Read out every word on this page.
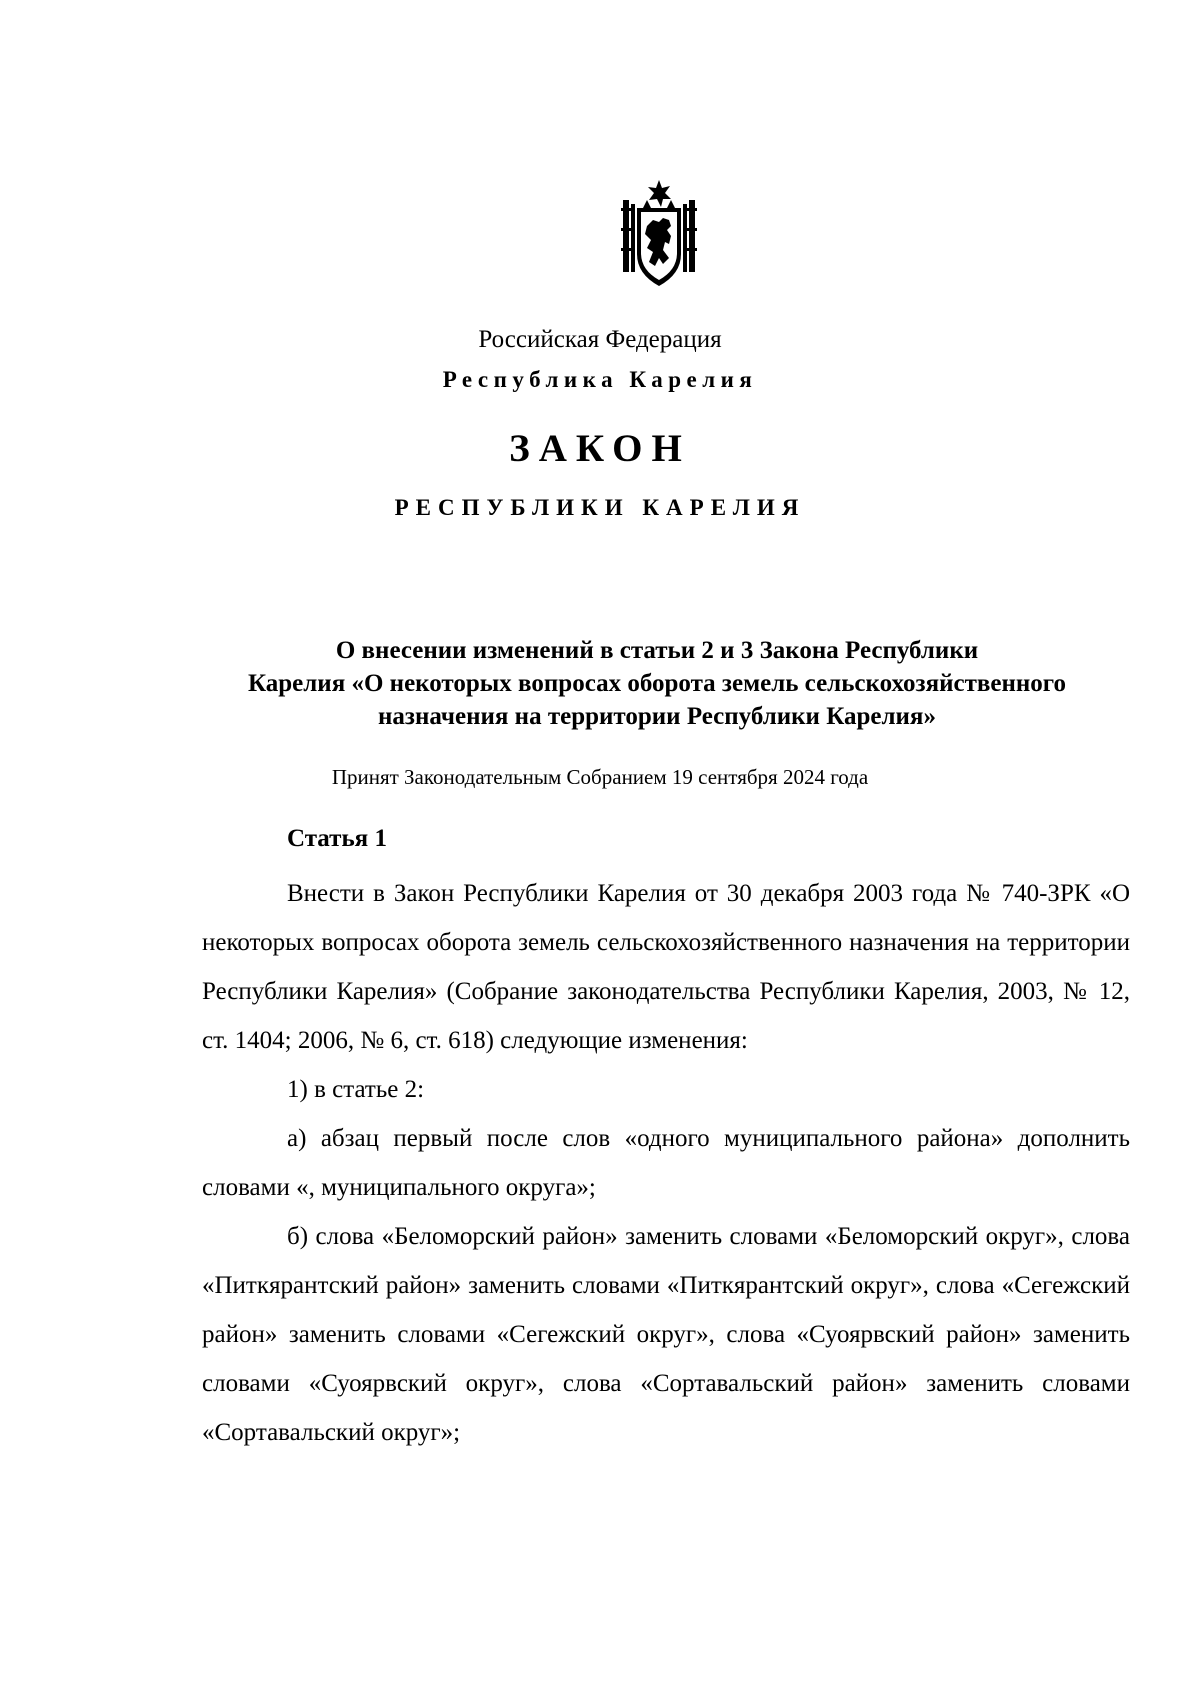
Российская Федерация
Республика Карелия
ЗАКОН
РЕСПУБЛИКИ КАРЕЛИЯ
О внесении изменений в статьи 2 и 3 Закона Республики
Карелия «О некоторых вопросах оборота земель сельскохозяйственного
назначения на территории Республики Карелия»
Принят Законодательным Собранием 19 сентября 2024 года
Статья 1

Внести в Закон Республики Карелия от 30 декабря 2003 года № 740-ЗРК «О некоторых вопросах оборота земель сельскохозяйственного назначения на территории Республики Карелия» (Собрание законодательства Республики Карелия, 2003, № 12, ст. 1404; 2006, № 6, ст. 618) следующие изменения:

1) в статье 2:

а) абзац первый после слов «одного муниципального района» дополнить словами «, муниципального округа»;

б) слова «Беломорский район» заменить словами «Беломорский округ», слова «Питкярантский район» заменить словами «Питкярантский округ», слова «Сегежский район» заменить словами «Сегежский округ», слова «Суоярвский район» заменить словами «Суоярвский округ», слова «Сортавальский район» заменить словами «Сортавальский округ»;
